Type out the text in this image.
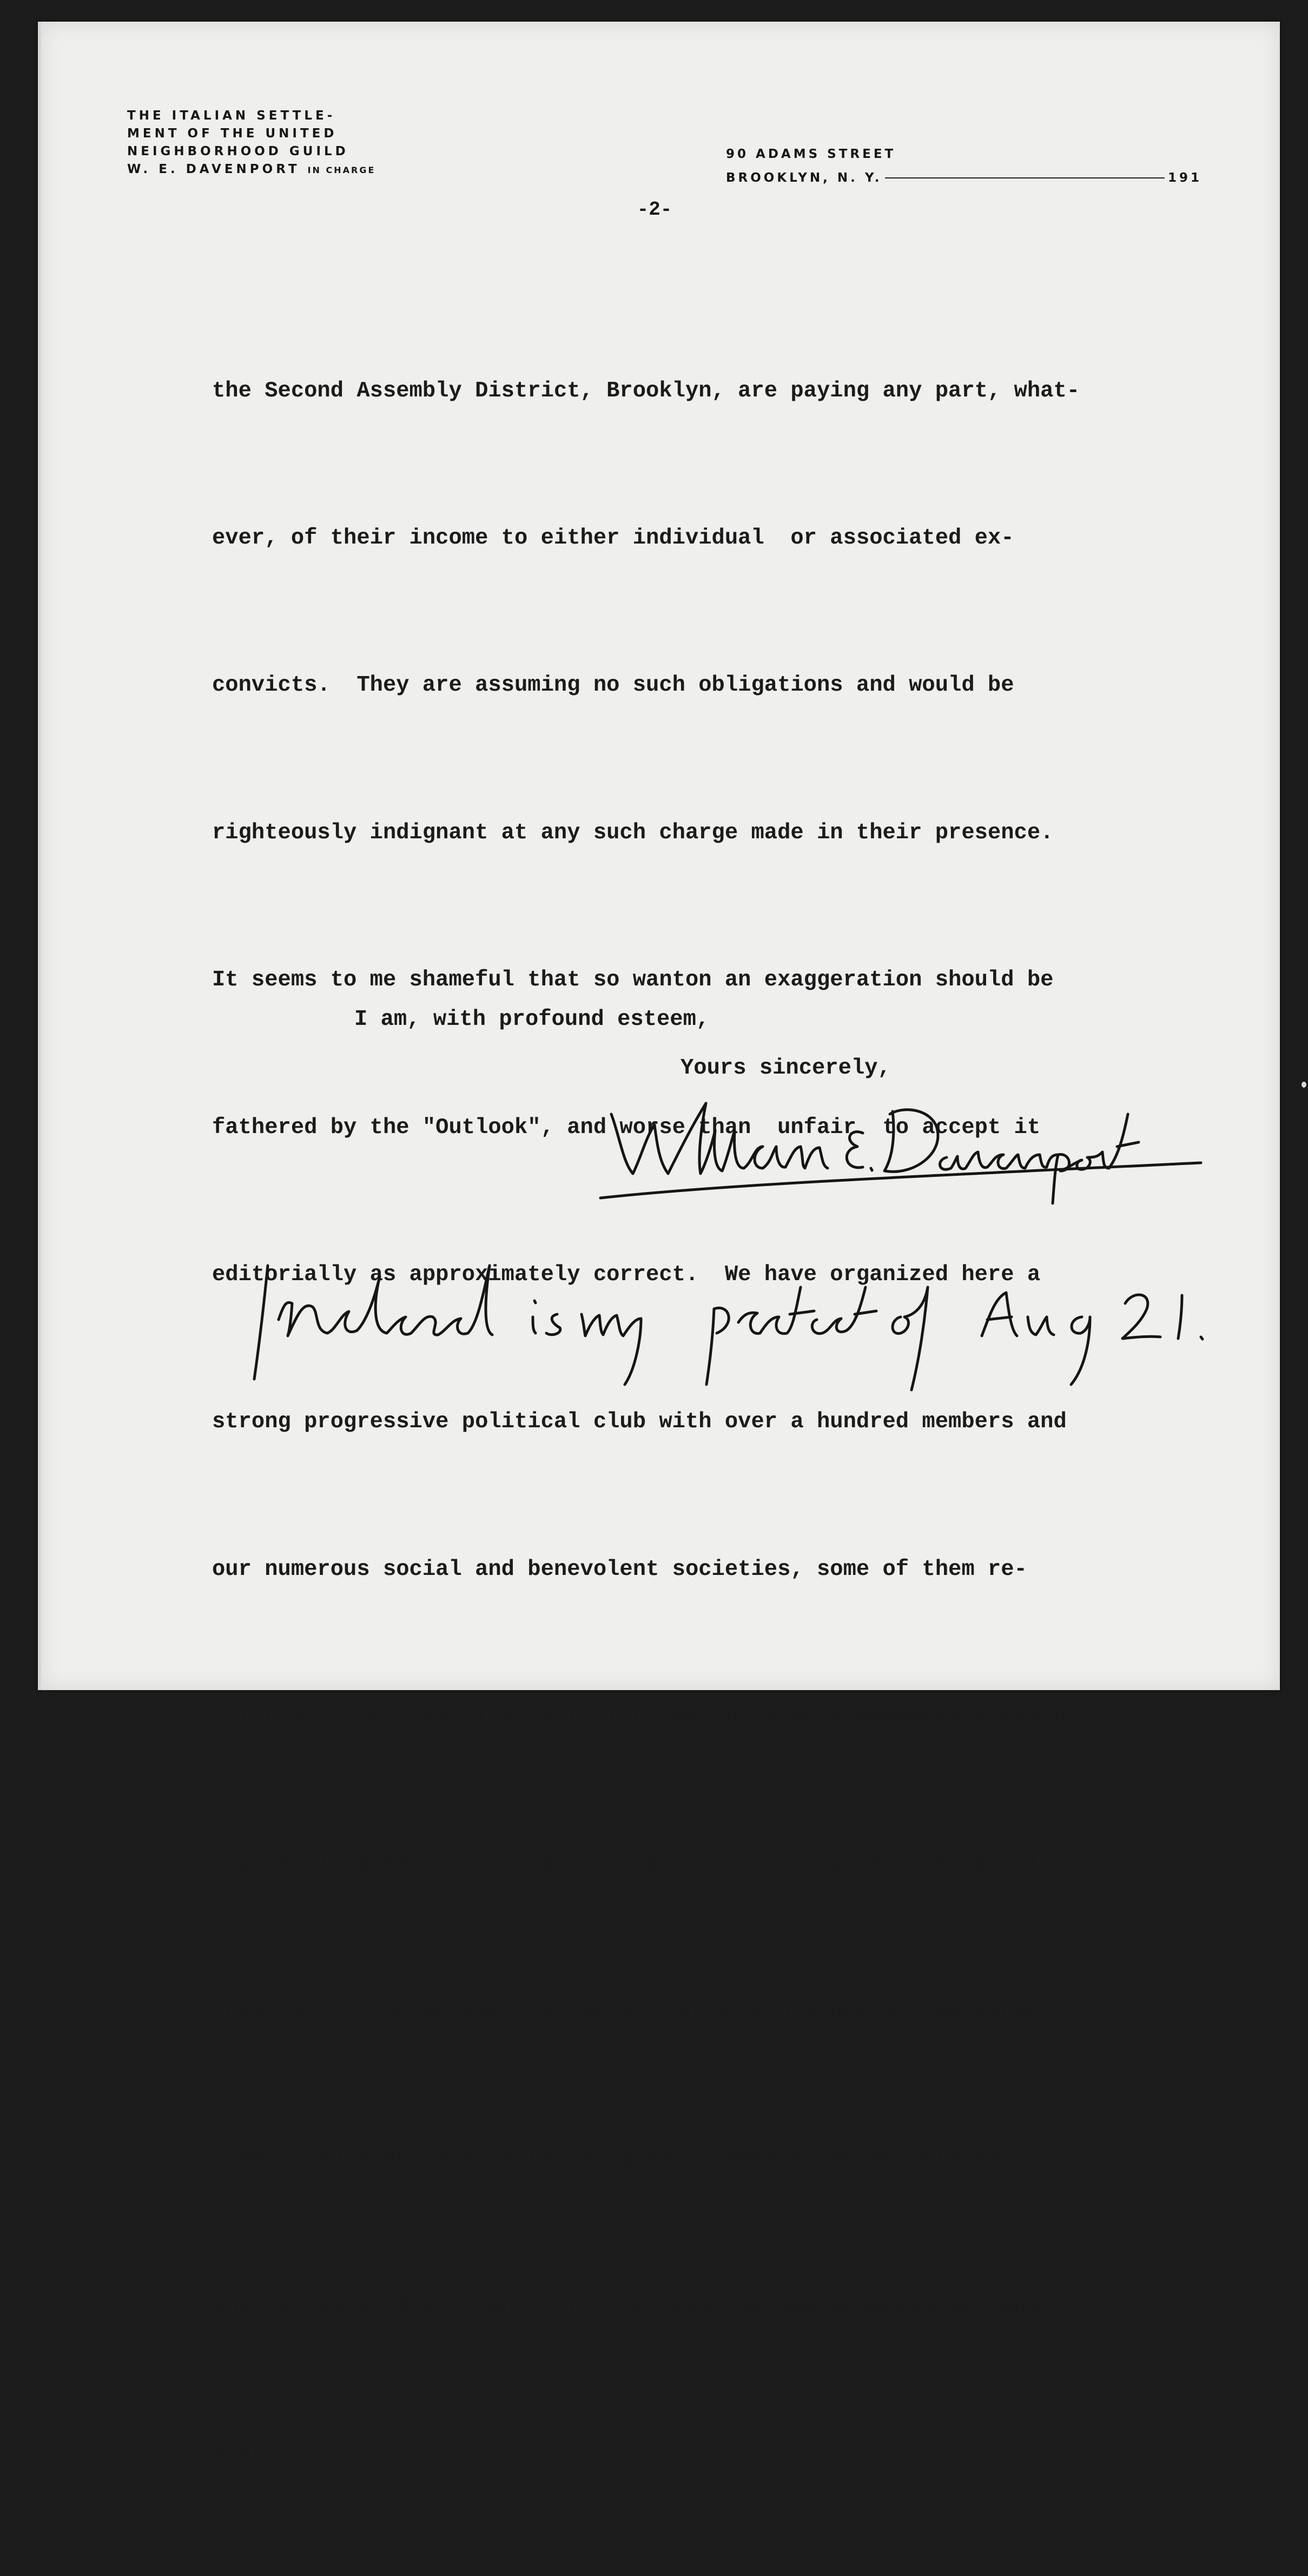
THE ITALIAN SETTLE-
MENT OF THE UNITED
NEIGHBORHOOD GUILD
W. E. DAVENPORT IN CHARGE
90 ADAMS STREET
BROOKLYN, N. Y.	191
-2-

the Second Assembly District, Brooklyn, are paying any part, what-

ever, of their income to either individual  or associated ex-

convicts.  They are assuming no such obligations and would be

righteously indignant at any such charge made in their presence.

It seems to me shameful that so wanton an exaggeration should be

fathered by the "Outlook", and worse than  unfair  to accept it

editorially as approximately correct.  We have organized here a

strong progressive political club with over a hundred members and

our numerous social and benevolent societies, some of them re-

lated more or less closely to the church, have a membership reach-

ing nearly a thousand, and it is but fair to say that among all

these it is incredible that more than possibly one or two excep-

tional individuals have the slightest concern for or interest in

any so-called Black Hand, or other evil minded organization any-

where.

I am, with profound esteem,
Yours sincerely,
